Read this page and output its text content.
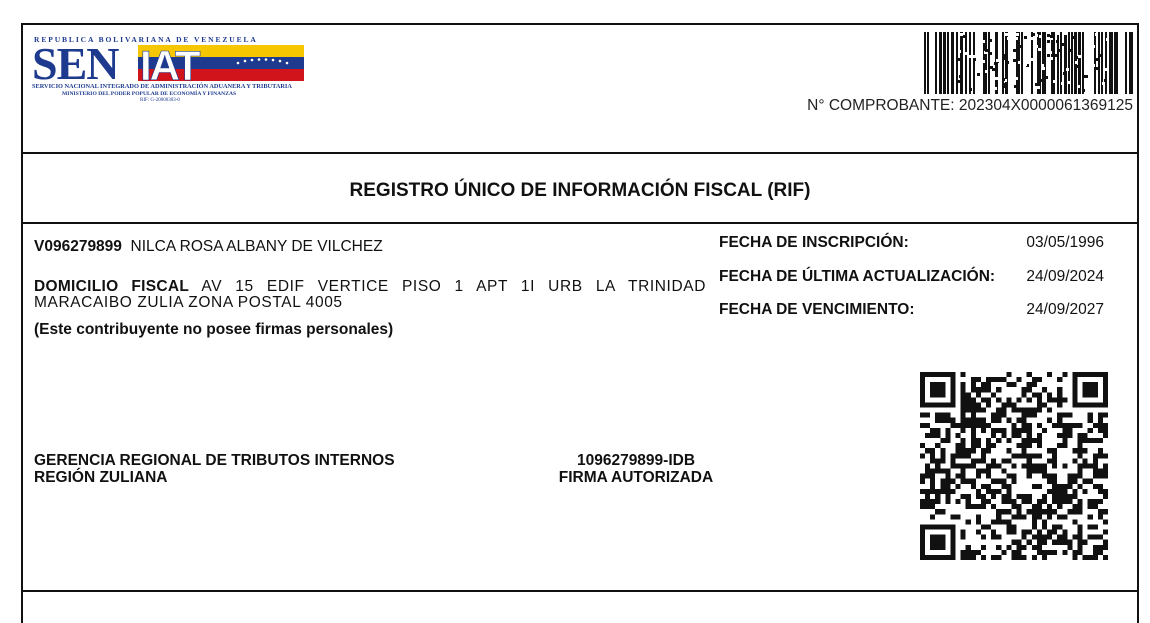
REPUBLICA BOLIVARIANA DE VENEZUELA
SEN IAT
SERVICIO NACIONAL INTEGRADO DE ADMINISTRACIÓN ADUANERA Y TRIBUTARIA
MINISTERIO DEL PODER POPULAR DE ECONOMÍA Y FINANZAS
RIF: G-20000303-0	N° COMPROBANTE: 202304X0000061369125
REGISTRO ÚNICO DE INFORMACIÓN FISCAL (RIF)
V096279899 NILCA ROSA ALBANY DE VILCHEZ
DOMICILIO FISCAL AV 15 EDIF VERTICE PISO 1 APT 1I URB LA TRINIDAD MARACAIBO ZULIA ZONA POSTAL 4005
(Este contribuyente no posee firmas personales)
FECHA DE INSCRIPCIÓN:	03/05/1996
FECHA DE ÚLTIMA ACTUALIZACIÓN: 24/09/2024
FECHA DE VENCIMIENTO:	24/09/2027
GERENCIA REGIONAL DE TRIBUTOS INTERNOS
REGIÓN ZULIANA
1096279899-IDB
FIRMA AUTORIZADA
